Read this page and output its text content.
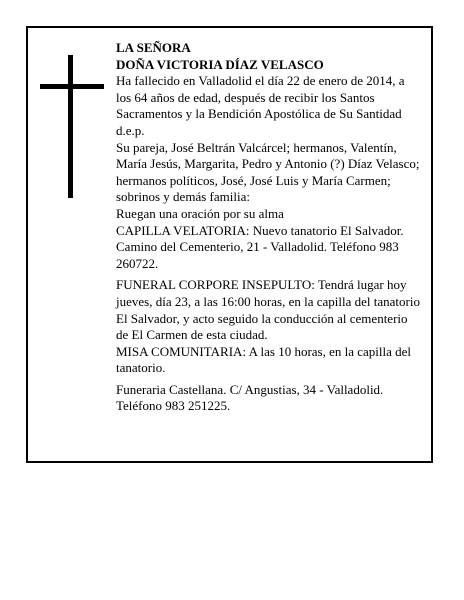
LA SEÑORA

DOÑA VICTORIA DÍAZ VELASCO

Ha fallecido en Valladolid el día 22 de enero de 2014, a los 64 años de edad, después de recibir los Santos Sacramentos y la Bendición Apostólica de Su Santidad d.e.p.

Su pareja, José Beltrán Valcárcel; hermanos, Valentín, María Jesús, Margarita, Pedro y Antonio (?) Díaz Velasco; hermanos políticos, José, José Luis y María Carmen; sobrinos y demás familia:

Ruegan una oración por su alma

CAPILLA VELATORIA: Nuevo tanatorio El Salvador. Camino del Cementerio, 21 - Valladolid. Teléfono 983 260722.

FUNERAL CORPORE INSEPULTO: Tendrá lugar hoy jueves, día 23, a las 16:00 horas, en la capilla del tanatorio El Salvador, y acto seguido la conducción al cementerio de El Carmen de esta ciudad.

MISA COMUNITARIA: A las 10 horas, en la capilla del tanatorio.

Funeraria Castellana. C/ Angustias, 34 - Valladolid. Teléfono 983 251225.
